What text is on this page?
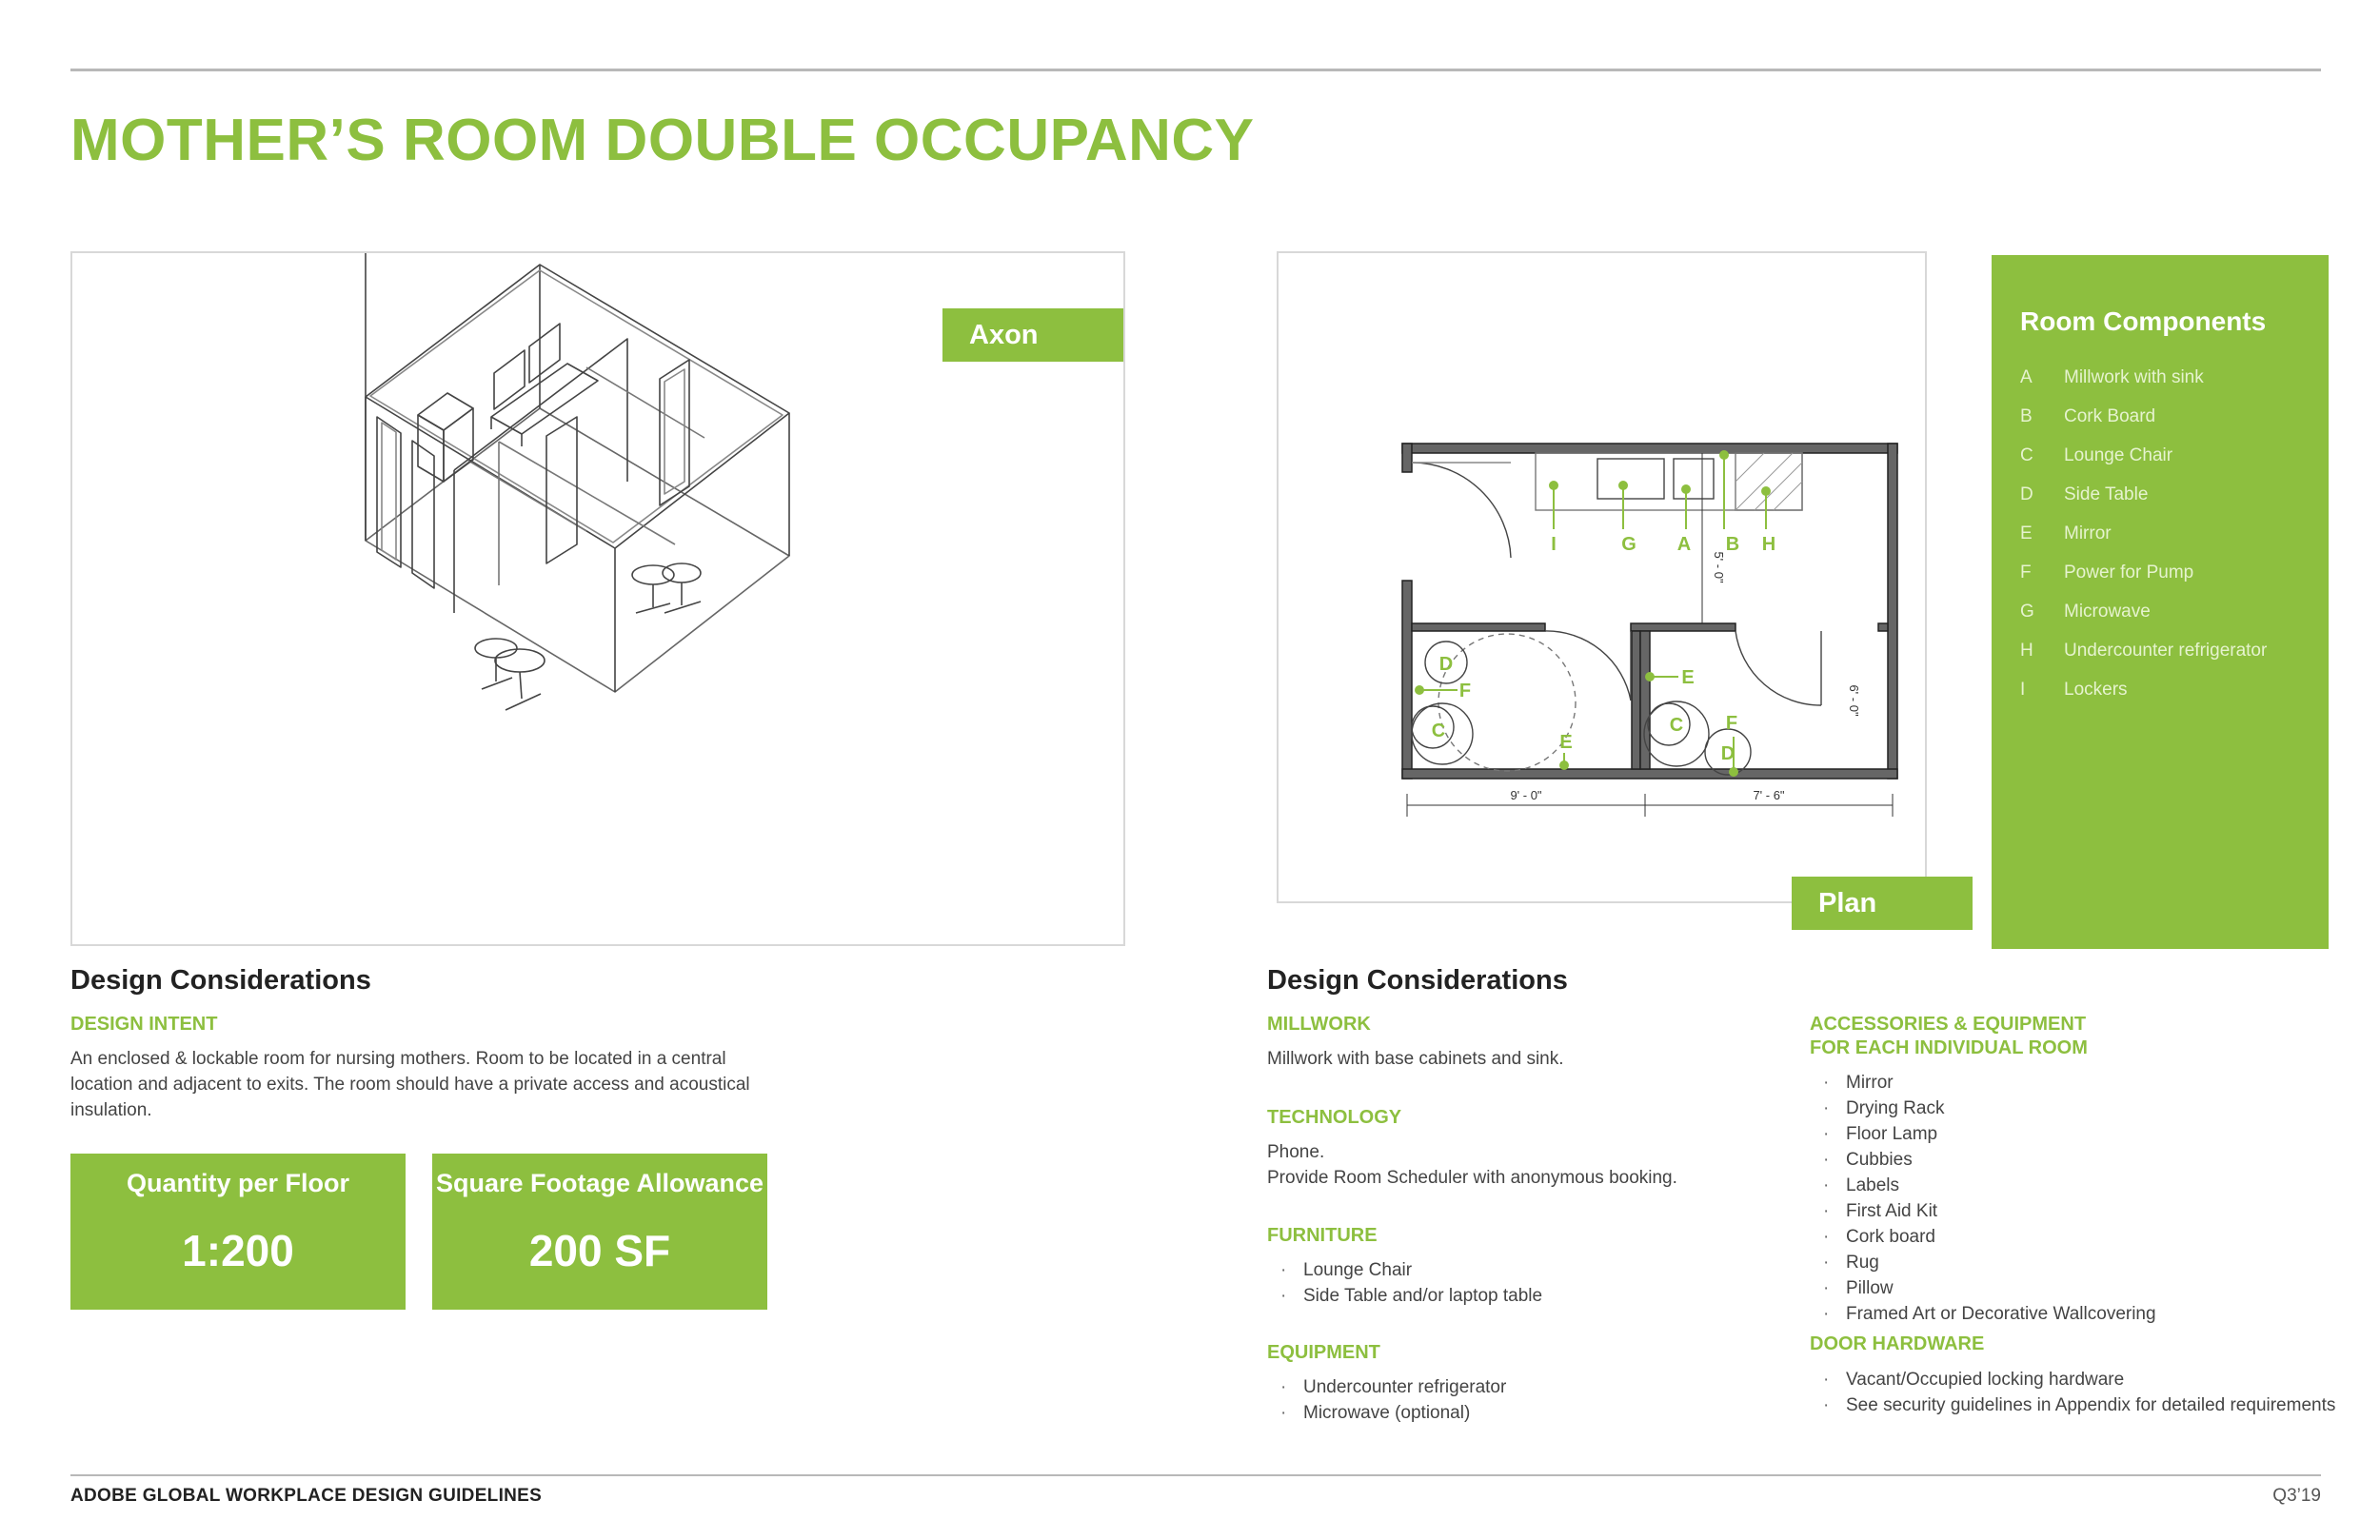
MOTHER’S ROOM DOUBLE OCCUPANCY
Axon
9' - 0"	7' - 6"
5' - 0"
6' - 0"
I	G A B H
D
F
C
E
E
C F
D
Plan
Room Components
A	Millwork with sink
B	Cork Board
C	Lounge Chair
D	Side Table
E	Mirror
F	Power for Pump
G	Microwave
H	Undercounter refrigerator
I	Lockers
Design Considerations
DESIGN INTENT
An enclosed & lockable room for nursing mothers. Room to be located in a central location and adjacent to exits. The room should have a private access and acoustical insulation.
Quantity per Floor
1:200
Square Footage Allowance
200 SF
Design Considerations
MILLWORK
Millwork with base cabinets and sink.
TECHNOLOGY
Phone.
Provide Room Scheduler with anonymous booking.
FURNITURE
· Lounge Chair
· Side Table and/or laptop table
EQUIPMENT
· Undercounter refrigerator
· Microwave (optional)
ACCESSORIES & EQUIPMENT
FOR EACH INDIVIDUAL ROOM
· Mirror
· Drying Rack
· Floor Lamp
· Cubbies
· Labels
· First Aid Kit
· Cork board
· Rug
· Pillow
· Framed Art or Decorative Wallcovering
DOOR HARDWARE
· Vacant/Occupied locking hardware
· See security guidelines in Appendix for detailed requirements
ADOBE GLOBAL WORKPLACE DESIGN GUIDELINES	Q3’19
